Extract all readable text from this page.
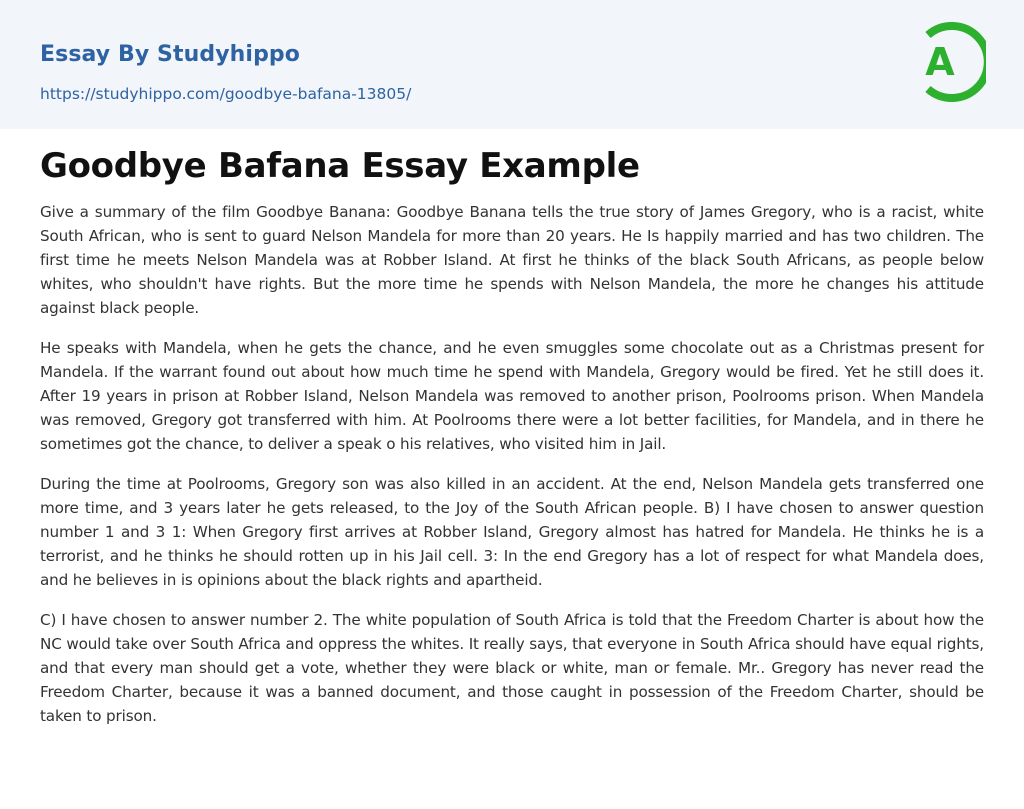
Essay By Studyhippo
https://studyhippo.com/goodbye-bafana-13805/
A
Goodbye Bafana Essay Example

Give a summary of the film Goodbye Banana: Goodbye Banana tells the true story of James Gregory, who is a racist, white South African, who is sent to guard Nelson Mandela for more than 20 years. He Is happily married and has two children. The first time he meets Nelson Mandela was at Robber Island. At first he thinks of the black South Africans, as people below whites, who shouldn't have rights. But the more time he spends with Nelson Mandela, the more he changes his attitude against black people.

He speaks with Mandela, when he gets the chance, and he even smuggles some chocolate out as a Christmas present for Mandela. If the warrant found out about how much time he spend with Mandela, Gregory would be fired. Yet he still does it. After 19 years in prison at Robber Island, Nelson Mandela was removed to another prison, Poolrooms prison. When Mandela was removed, Gregory got transferred with him. At Poolrooms there were a lot better facilities, for Mandela, and in there he sometimes got the chance, to deliver a speak o his relatives, who visited him in Jail.

During the time at Poolrooms, Gregory son was also killed in an accident. At the end, Nelson Mandela gets transferred one more time, and 3 years later he gets released, to the Joy of the South African people. B) I have chosen to answer question number 1 and 3 1: When Gregory first arrives at Robber Island, Gregory almost has hatred for Mandela. He thinks he is a terrorist, and he thinks he should rotten up in his Jail cell. 3: In the end Gregory has a lot of respect for what Mandela does, and he believes in is opinions about the black rights and apartheid.

C) I have chosen to answer number 2. The white population of South Africa is told that the Freedom Charter is about how the NC would take over South Africa and oppress the whites. It really says, that everyone in South Africa should have equal rights, and that every man should get a vote, whether they were black or white, man or female. Mr.. Gregory has never read the Freedom Charter, because it was a banned document, and those caught in possession of the Freedom Charter, should be taken to prison.
